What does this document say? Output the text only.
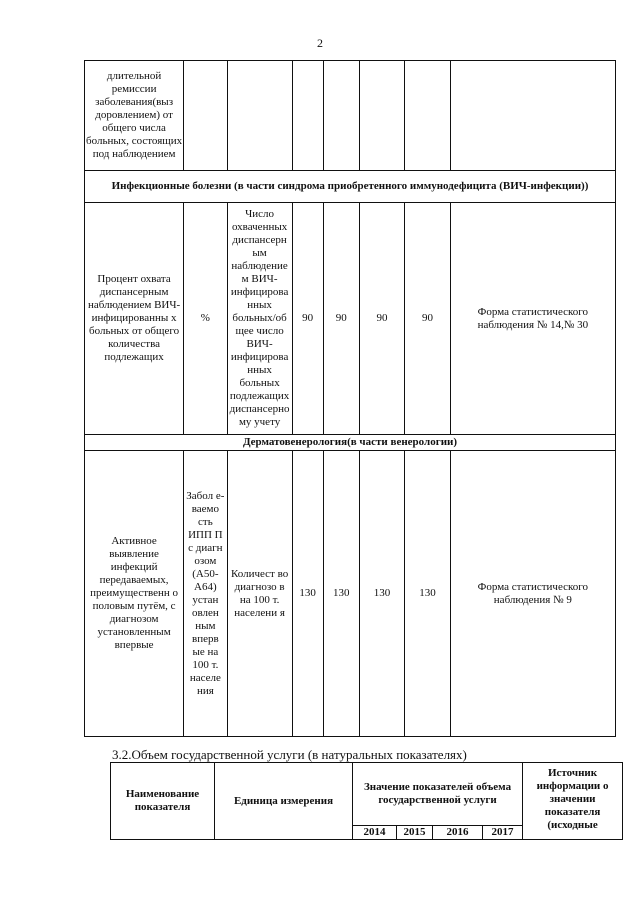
2
длительной ремиссии заболевания(выз доровлением) от общего числа больных, состоящих под наблюдением							
Инфекционные болезни (в части синдрома приобретенного иммунодефицита (ВИЧ-инфекции))							
Процент охвата диспансерным наблюдением ВИЧ-инфицированны х больных от общего количества подлежащих	%	Число охваченных диспансерн ым наблюдение м ВИЧ-инфицирова нных больных/об щее число ВИЧ-инфицирова нных больных подлежащих диспансерно му учету	90	90	90	90	Форма статистического наблюдения № 14,№ 30
Дерматовенерология(в части венерологии)							
Активное выявление инфекций передаваемых, преимущественн о половым путём, с диагнозом установленным впервые	Забол е- ваемо сть ИПП П с диагн озом (А50- А64) устан овлен ным вперв ые на 100 т. населе ния	Количест во диагнозо в на 100 т. населени я	130	130	130	130	Форма статистического наблюдения № 9
3.2.Объем государственной услуги (в натуральных показателях)
Наименование показателя	Единица измерения	Значение показателей объема государственной услуги				Источник информации о значении показателя (исходные
		2014	2015	2016	2017	
